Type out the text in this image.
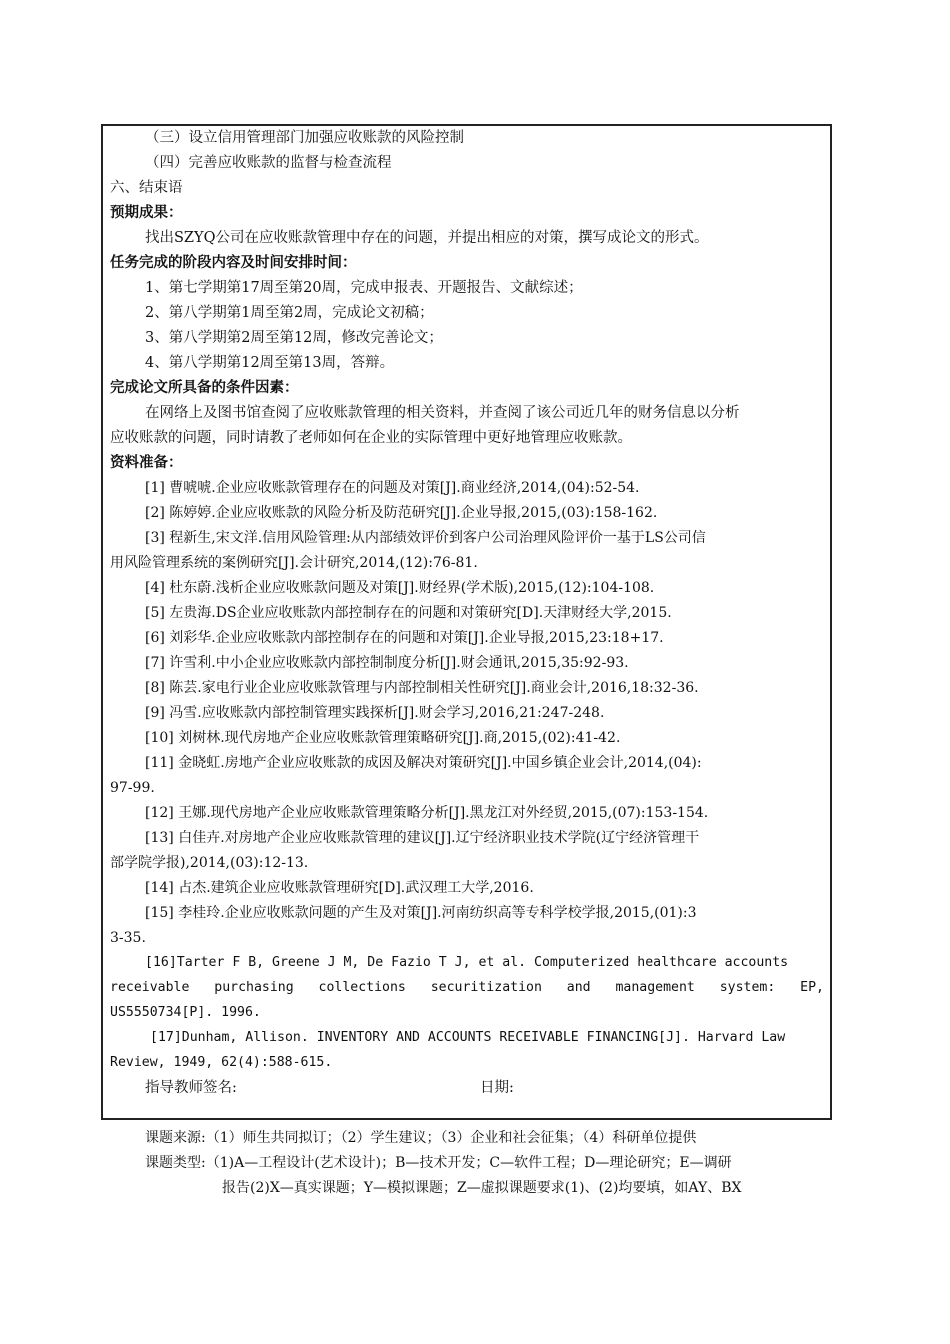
（三）设立信用管理部门加强应收账款的风险控制
（四）完善应收账款的监督与检查流程
六、结束语
预期成果：
找出SZYQ公司在应收账款管理中存在的问题，并提出相应的对策，撰写成论文的形式。
任务完成的阶段内容及时间安排时间：
1、第七学期第17周至第20周，完成申报表、开题报告、文献综述；
2、第八学期第1周至第2周，完成论文初稿；
3、第八学期第2周至第12周，修改完善论文；
4、第八学期第12周至第13周，答辩。
完成论文所具备的条件因素：
在网络上及图书馆查阅了应收账款管理的相关资料，并查阅了该公司近几年的财务信息以分析
应收账款的问题，同时请教了老师如何在企业的实际管理中更好地管理应收账款。
资料准备：
[1] 曹唬唬.企业应收账款管理存在的问题及对策[J].商业经济,2014,(04):52-54.
[2] 陈婷婷.企业应收账款的风险分析及防范研究[J].企业导报,2015,(03):158-162.
[3] 程新生,宋文洋.信用风险管理:从内部绩效评价到客户公司治理风险评价一基于LS公司信
用风险管理系统的案例研究[J].会计研究,2014,(12):76-81.
[4] 杜东蔚.浅析企业应收账款问题及对策[J].财经界(学术版),2015,(12):104-108.
[5] 左贵海.DS企业应收账款内部控制存在的问题和对策研究[D].天津财经大学,2015.
[6] 刘彩华.企业应收账款内部控制存在的问题和对策[J].企业导报,2015,23:18+17.
[7] 许雪利.中小企业应收账款内部控制制度分析[J].财会通讯,2015,35:92-93.
[8] 陈芸.家电行业企业应收账款管理与内部控制相关性研究[J].商业会计,2016,18:32-36.
[9] 冯雪.应收账款内部控制管理实践探析[J].财会学习,2016,21:247-248.
[10] 刘树林.现代房地产企业应收账款管理策略研究[J].商,2015,(02):41-42.
[11] 金晓虹.房地产企业应收账款的成因及解决对策研究[J].中国乡镇企业会计,2014,(04):
97-99.
[12] 王娜.现代房地产企业应收账款管理策略分析[J].黑龙江对外经贸,2015,(07):153-154.
[13] 白佳卉.对房地产企业应收账款管理的建议[J].辽宁经济职业技术学院(辽宁经济管理干
部学院学报),2014,(03):12-13.
[14] 占杰.建筑企业应收账款管理研究[D].武汉理工大学,2016.
[15] 李桂玲.企业应收账款问题的产生及对策[J].河南纺织高等专科学校学报,2015,(01):3
3-35.
[16]Tarter F B, Greene J M, De Fazio T J, et al. Computerized healthcare accounts
receivable purchasing collections securitization and management system: EP,
US5550734[P]. 1996.
[17]Dunham, Allison. INVENTORY AND ACCOUNTS RECEIVABLE FINANCING[J]. Harvard Law
Review, 1949, 62(4):588-615.
指导教师签名:	日期:
课题来源:（1）师生共同拟订；（2）学生建议；（3）企业和社会征集；（4）科研单位提供
课题类型:（1)A—工程设计(艺术设计)；B—技术开发；C—软件工程；D—理论研究；E—调研
报告(2)X—真实课题；Y—模拟课题；Z—虚拟课题要求(1)、(2)均要填，如AY、BX
